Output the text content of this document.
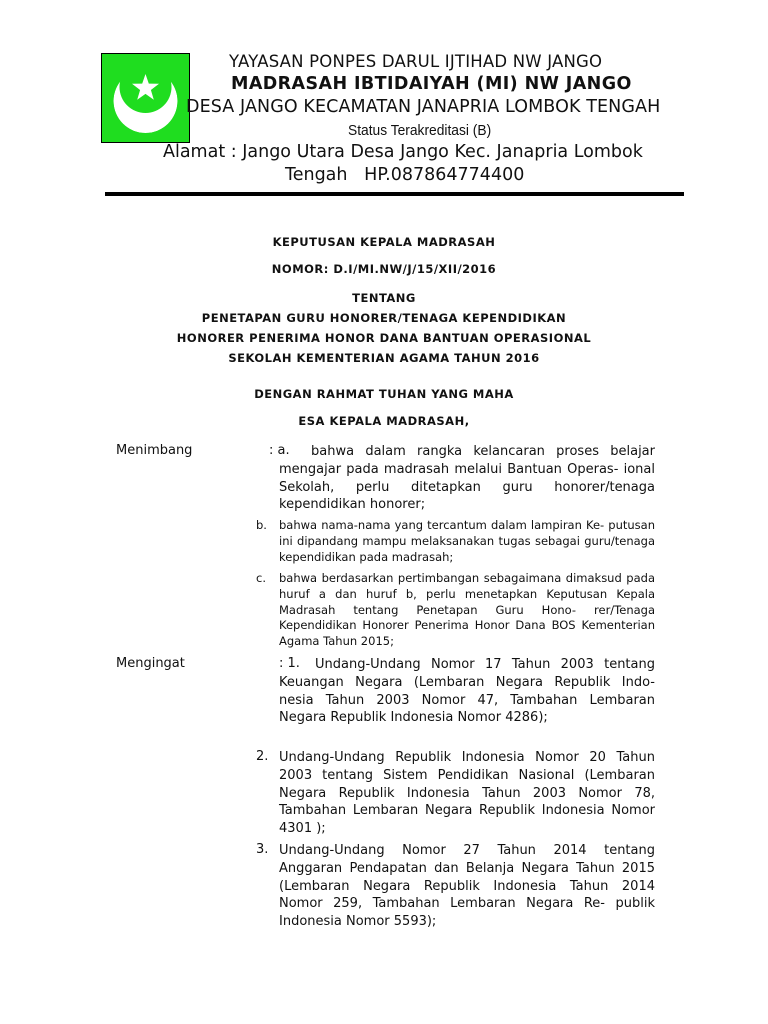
YAYASAN PONPES DARUL IJTIHAD NW JANGO
MADRASAH IBTIDAIYAH (MI) NW JANGO
DESA JANGO KECAMATAN JANAPRIA LOMBOK TENGAH
Status Terakreditasi (B)
Alamat : Jango Utara Desa Jango Kec. Janapria Lombok
Tengah   HP.087864774400
KEPUTUSAN KEPALA MADRASAH
NOMOR: D.I/MI.NW/J/15/XII/2016
TENTANG
PENETAPAN GURU HONORER/TENAGA KEPENDIDIKAN
HONORER PENERIMA HONOR DANA BANTUAN OPERASIONAL
SEKOLAH KEMENTERIAN AGAMA TAHUN 2016
DENGAN RAHMAT TUHAN YANG MAHA
ESA KEPALA MADRASAH,
Menimbang	: a.	bahwa dalam rangka kelancaran proses belajar mengajar pada madrasah melalui Bantuan Operas- ional Sekolah, perlu ditetapkan guru honorer/tenaga kependidikan honorer;
b. bahwa nama-nama yang tercantum dalam lampiran Ke- putusan ini dipandang mampu melaksanakan tugas sebagai guru/tenaga kependidikan pada madrasah;
c. bahwa berdasarkan pertimbangan sebagaimana dimaksud pada huruf a dan huruf b, perlu menetapkan Keputusan Kepala Madrasah tentang Penetapan Guru Hono- rer/Tenaga Kependidikan Honorer Penerima Honor Dana BOS Kementerian Agama Tahun 2015;
Mengingat	: 1.	Undang-Undang Nomor 17 Tahun 2003 tentang Keuangan Negara (Lembaran Negara Republik Indo- nesia Tahun 2003 Nomor 47, Tambahan Lembaran Negara Republik Indonesia Nomor 4286);
2. Undang-Undang Republik Indonesia Nomor 20 Tahun 2003 tentang Sistem Pendidikan Nasional (Lembaran Negara Republik Indonesia Tahun 2003 Nomor 78, Tambahan Lembaran Negara Republik Indonesia Nomor 4301 );
3. Undang-Undang Nomor 27 Tahun 2014 tentang Anggaran Pendapatan dan Belanja Negara Tahun 2015 (Lembaran Negara Republik Indonesia Tahun 2014 Nomor 259, Tambahan Lembaran Negara Re- publik Indonesia Nomor 5593);
